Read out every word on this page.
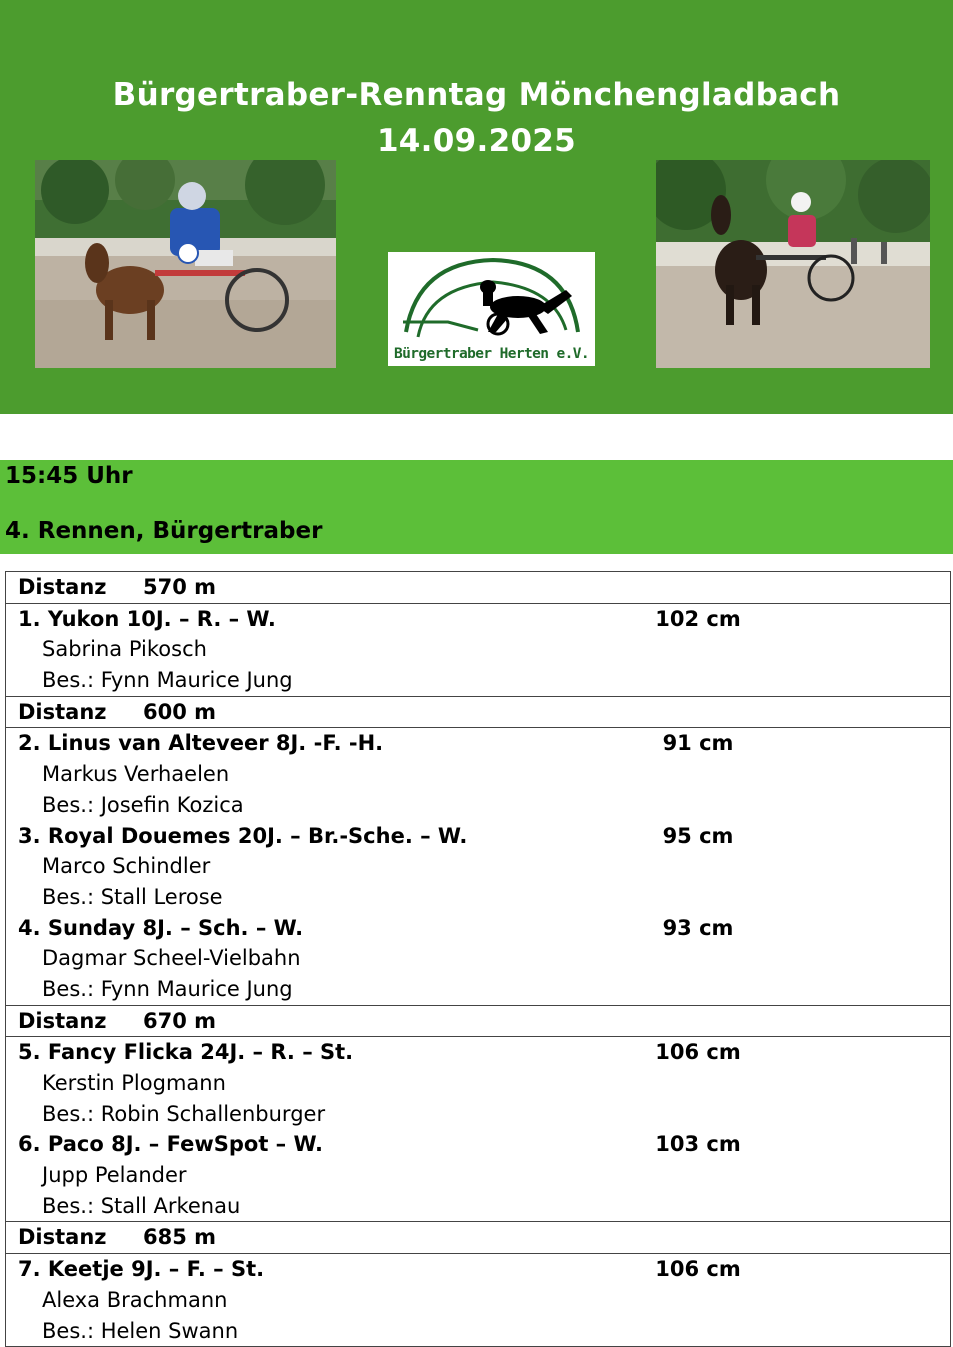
Bürgertraber-Renntag Mönchengladbach
14.09.2025
Bürgertraber Herten e.V.
15:45 Uhr
4. Rennen, Bürgertraber
Distanz 570 m
1. Yukon 10J. – R. – W.	102 cm
Sabrina Pikosch
Bes.: Fynn Maurice Jung
Distanz 600 m
2. Linus van Alteveer 8J. -F. -H.	91 cm
Markus Verhaelen
Bes.: Josefin Kozica
3. Royal Douemes 20J. – Br.-Sche. – W.	95 cm
Marco Schindler
Bes.: Stall Lerose
4. Sunday 8J. – Sch. – W.	93 cm
Dagmar Scheel-Vielbahn
Bes.: Fynn Maurice Jung
Distanz 670 m
5. Fancy Flicka 24J. – R. – St.	106 cm
Kerstin Plogmann
Bes.: Robin Schallenburger
6. Paco 8J. – FewSpot – W.	103 cm
Jupp Pelander
Bes.: Stall Arkenau
Distanz 685 m
7. Keetje 9J. – F. – St.	106 cm
Alexa Brachmann
Bes.: Helen Swann
